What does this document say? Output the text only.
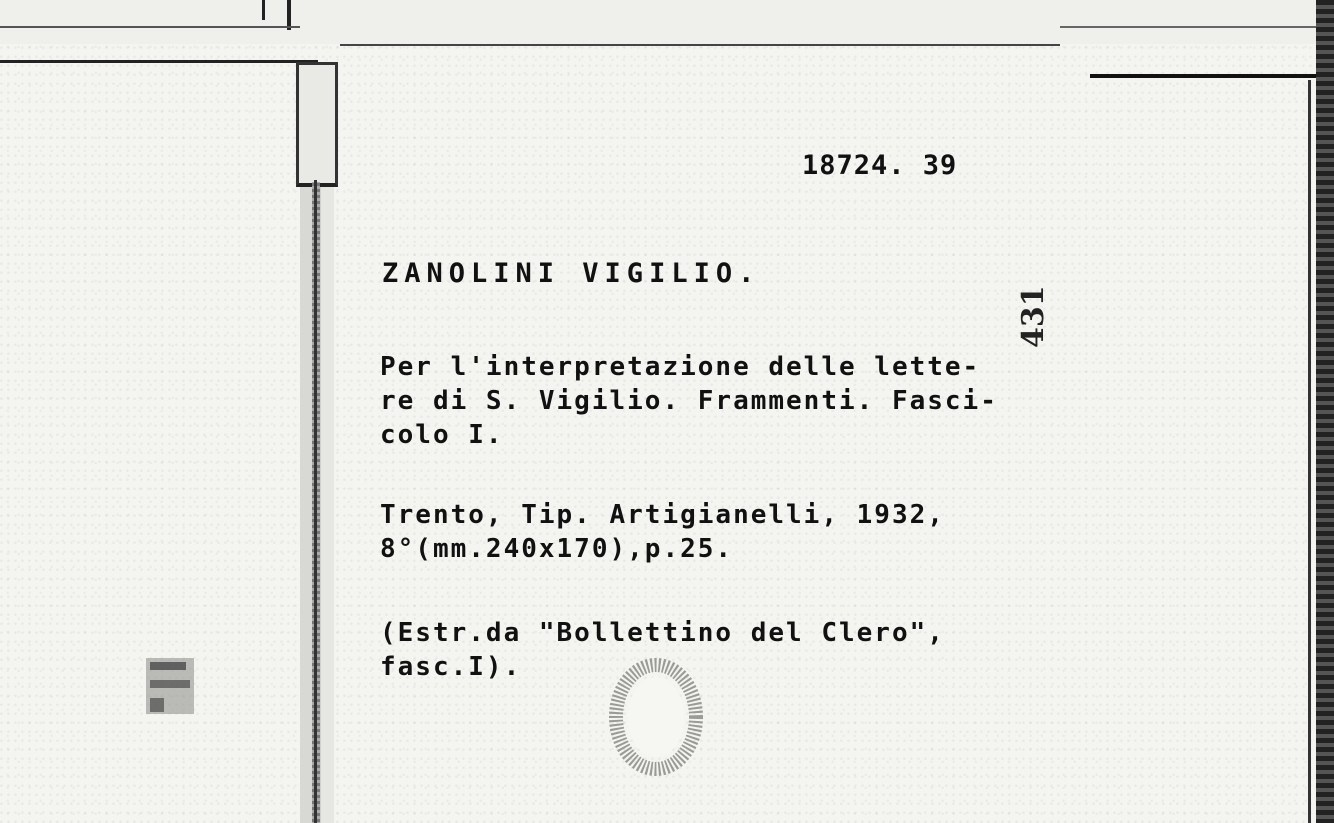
18724. 39
ZANOLINI VIGILIO.
Per l'interpretazione delle lette-
re di S. Vigilio. Frammenti. Fasci-
colo I.
Trento, Tip. Artigianelli, 1932,
8°(mm.240x170),p.25.
(Estr.da "Bollettino del Clero",
fasc.I).
431
